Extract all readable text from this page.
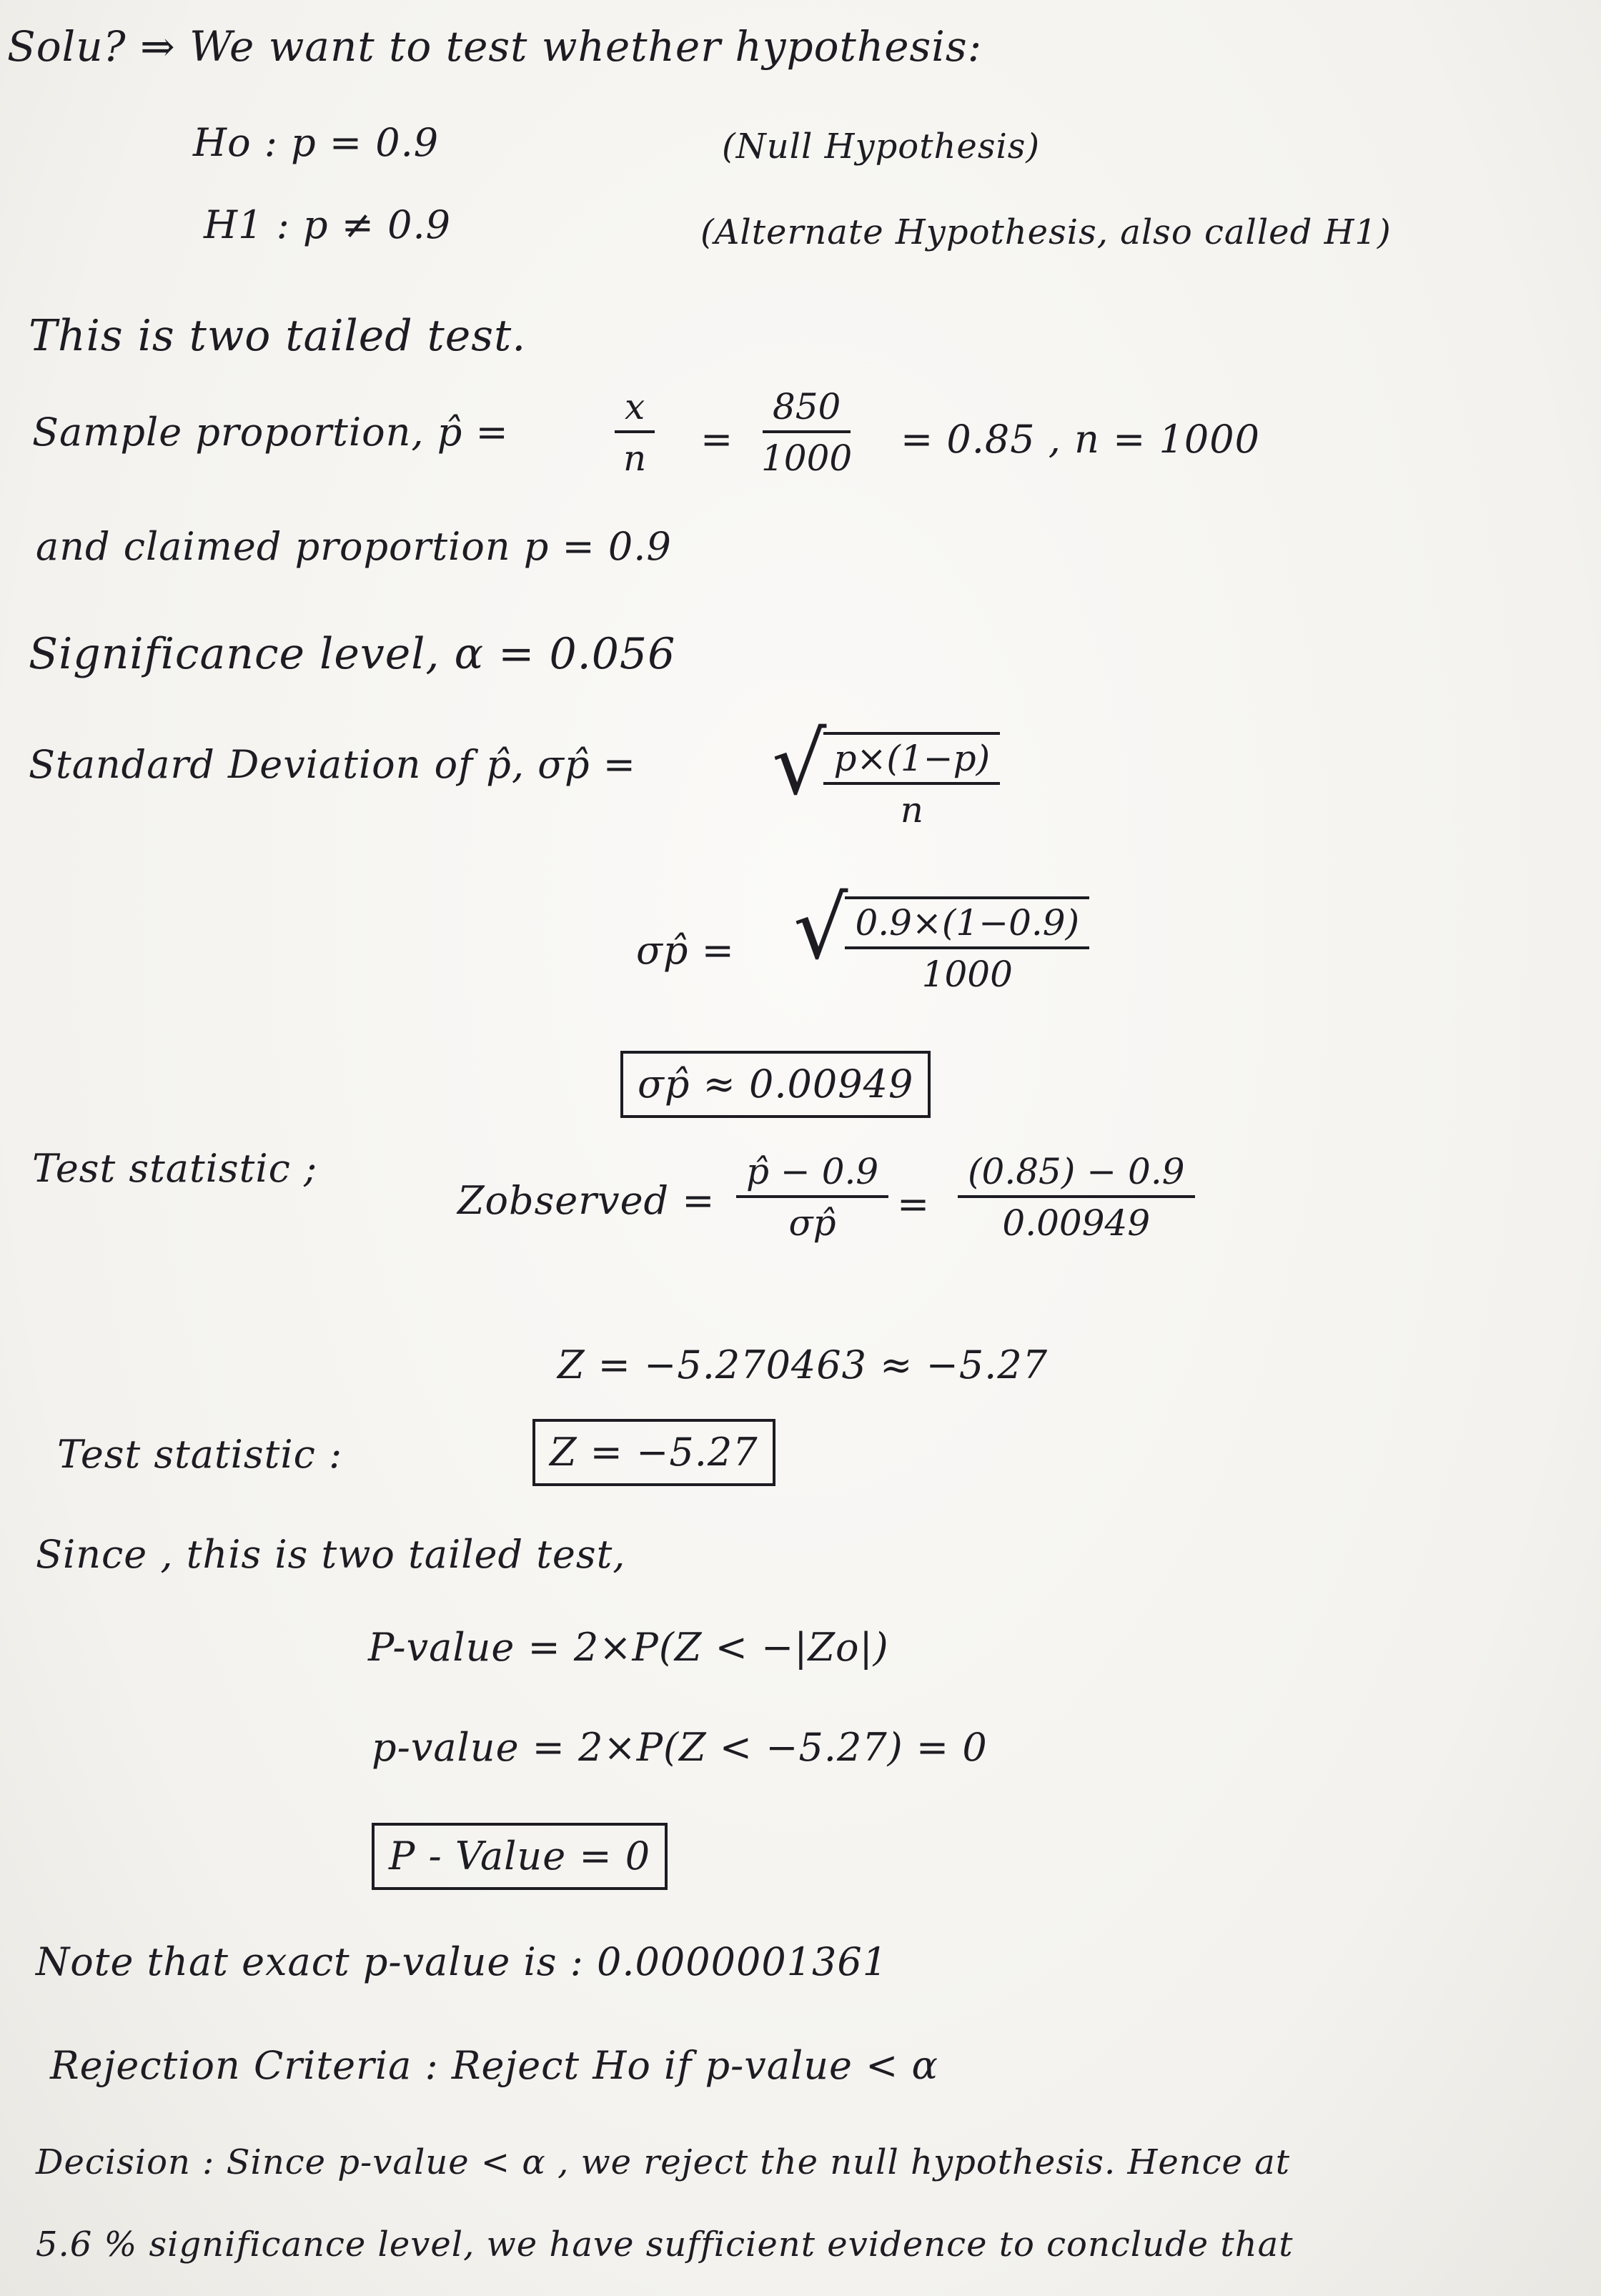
Solu? ⇒ We want to test whether hypothesis:
Ho : p = 0.9	(Null Hypothesis)
H1 : p ≠ 0.9	(Alternate Hypothesis, also called H1)
This is two tailed test.
Sample proportion, p̂ =	$\frac{x}{n} = \frac{850}{1000} = 0.85$ , n = 1000
and claimed proportion p = 0.9
Significance level, α = 0.056
Standard Deviation of p̂, σp̂ = √
$\frac{p\times(1-p)}{n}$
σp̂ = √
$\frac{0.9\times(1-0.9)}{1000}$
σp̂ ≈ 0.00949
Test statistic ;
Zobserved = $\frac{p̂ - 0.9}{\sigma p̂} = \frac{(0.85) - 0.9}{0.00949}$
Z = −5.270463 ≈ −5.27
Test statistic :	Z = −5.27
Since , this is two tailed test,
P-value = 2×P(Z < −|Zo|)
p-value = 2×P(Z < −5.27) = 0
P - Value = 0
Note that exact p-value is : 0.0000001361
Rejection Criteria : Reject Ho if p-value < α
Decision : Since p-value < α , we reject the null hypothesis. Hence at
5.6 % significance level, we have sufficient evidence to conclude that
